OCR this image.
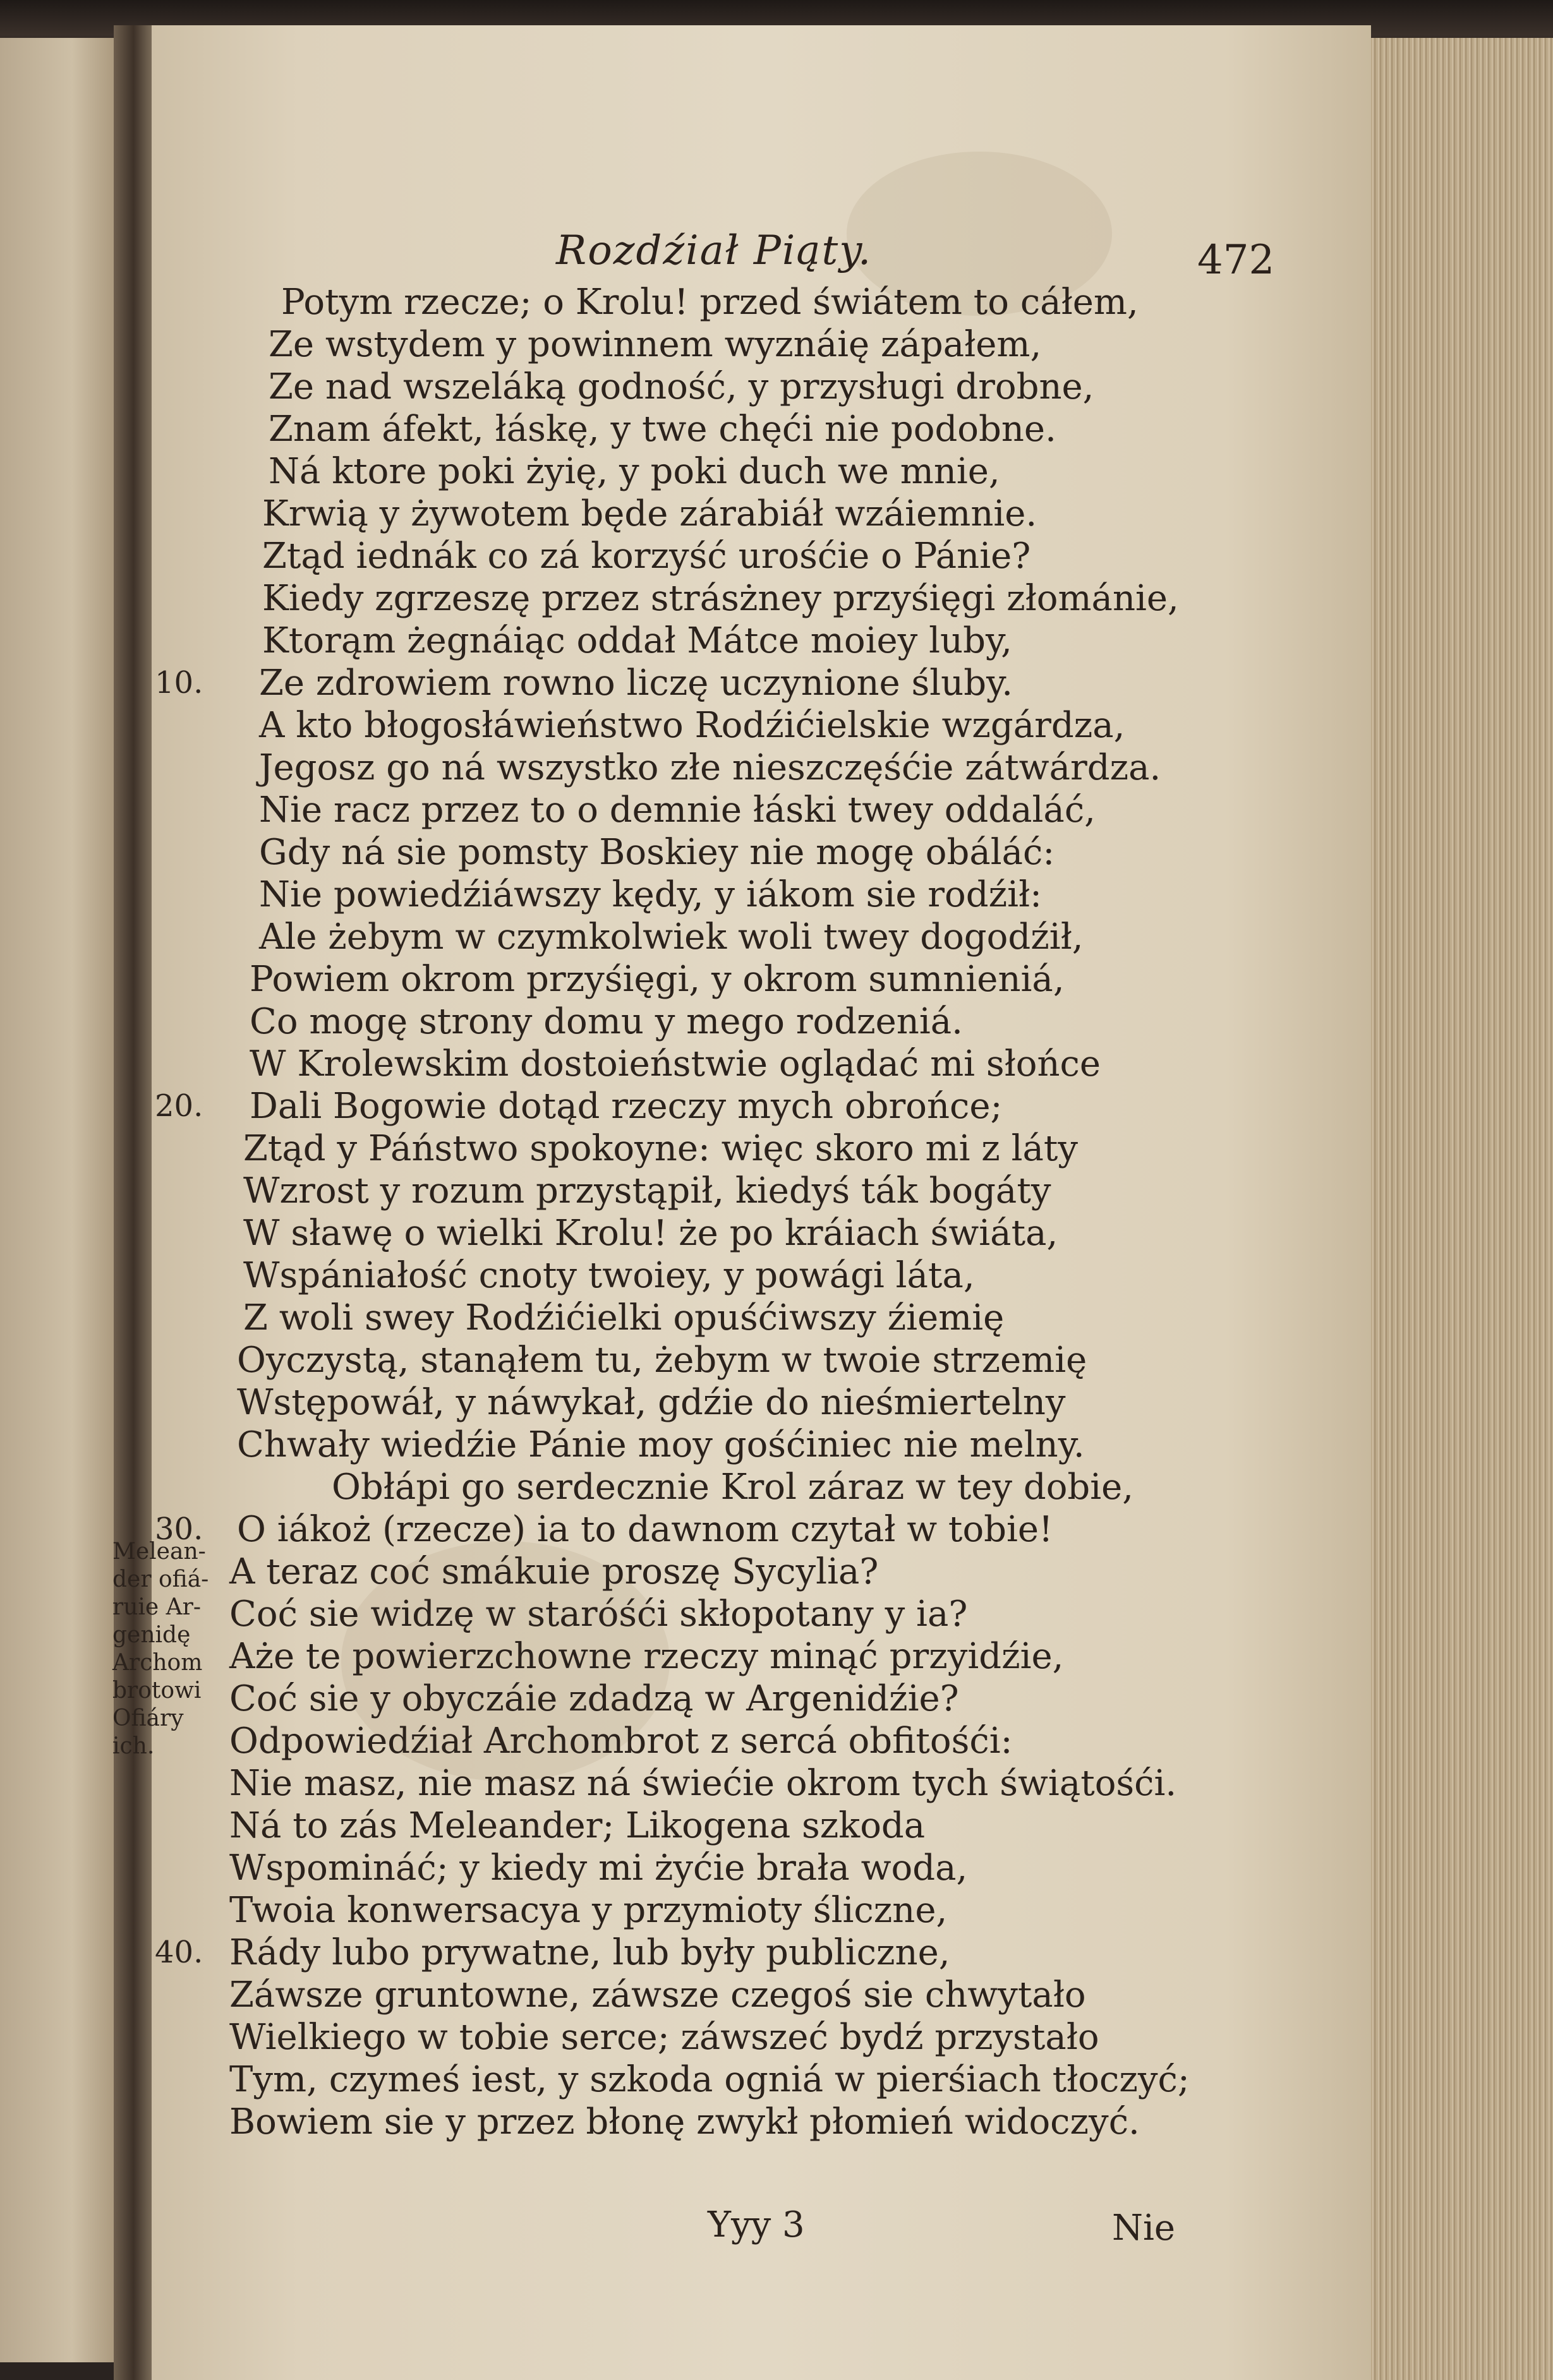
Rozdźiał Piąty.	472
Potym rzecze; o Krolu! przed świátem to cáłem,
Ze wstydem y powinnem wyznáię zápałem,
Ze nad wszeláką godność, y przysługi drobne,
Znam áfekt, łáskę, y twe chęći nie podobne.
Ná ktore poki żyię, y poki duch we mnie,
Krwią y żywotem będe zárabiáł wzáiemnie.
Ztąd iednák co zá korzyść urośćie o Pánie?
Kiedy zgrzeszę przez strásżney przyśięgi złománie,
Ktorąm żegnáiąc oddał Mátce moiey luby,
10. Ze zdrowiem rowno liczę uczynione śluby.
A kto błogosłáwieństwo Rodźićielskie wzgárdza,
Jegosz go ná wszystko złe nieszczęśćie zátwárdza.
Nie racz przez to o demnie łáski twey oddaláć,
Gdy ná sie pomsty Boskiey nie mogę obáláć:
Nie powiedźiáwszy kędy, y iákom sie rodźił:
Ale żebym w czymkolwiek woli twey dogodźił,
Powiem okrom przyśięgi, y okrom sumnieniá,
Co mogę strony domu y mego rodzeniá.
W Krolewskim dostoieństwie oglądać mi słońce
20. Dali Bogowie dotąd rzeczy mych obrońce;
Ztąd y Páństwo spokoyne: więc skoro mi z láty
Wzrost y rozum przystąpił, kiedyś ták bogáty
W sławę o wielki Krolu! że po kráiach świáta,
Wspániałość cnoty twoiey, y powági láta,
Z woli swey Rodźićielki opuśćiwszy źiemię
Oyczystą, stanąłem tu, żebym w twoie strzemię
Wstępowáł, y náwykał, gdźie do nieśmiertelny
Chwały wiedźie Pánie moy gośćiniec nie melny.
Obłápi go serdecznie Krol záraz w tey dobie,
30. O iákoż (rzecze) ia to dawnom czytał w tobie!
A teraz coć smákuie proszę Sycylia?
Coć sie widzę w staróśći skłopotany y ia?
Aże te powierzchowne rzeczy minąć przyidźie,
Coć sie y obyczáie zdadzą w Argenidźie?
Odpowiedźiał Archombrot z sercá obfitośći:
Nie masz, nie masz ná świećie okrom tych świątośći.
Ná to zás Meleander; Likogena szkoda
Wspomináć; y kiedy mi żyćie brała woda,
Twoia konwersacya y przymioty śliczne,
40. Rády lubo prywatne, lub były publiczne,
Záwsze gruntowne, záwsze czegoś sie chwytało
Wielkiego w tobie serce; záwszeć bydź przystało
Tym, czymeś iest, y szkoda ogniá w pierśiach tłoczyć;
Bowiem sie y przez błonę zwykł płomień widoczyć.
Melean-
der ofiá-
ruie Ar-
genidę
Archom
brotowi
Ofiáry
ich.
Yyy 3	Nie
